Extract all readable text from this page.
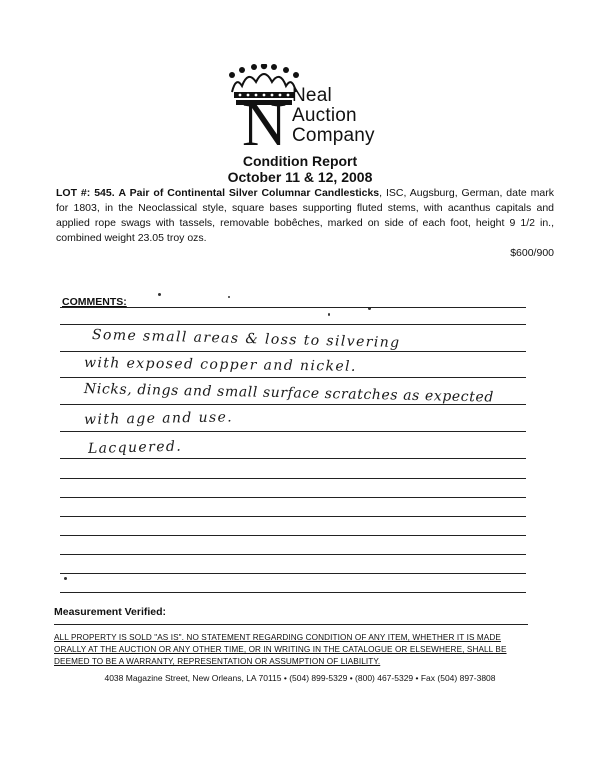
N Neal
Auction
Company
Condition Report
October 11 & 12, 2008
LOT #: 545. A Pair of Continental Silver Columnar Candlesticks, ISC, Augsburg, German, date mark for 1803, in the Neoclassical style, square bases supporting fluted stems, with acanthus capitals and applied rope swags with tassels, removable bobêches, marked on side of each foot, height 9 1/2 in., combined weight 23.05 troy ozs.
$600/900
COMMENTS:
Some small areas & loss to silvering
with exposed copper and nickel.
Nicks, dings and small surface scratches as expected
with age and use.
Lacquered.
Measurement Verified:
ALL PROPERTY IS SOLD "AS IS". NO STATEMENT REGARDING CONDITION OF ANY ITEM, WHETHER IT IS MADE ORALLY AT THE AUCTION OR ANY OTHER TIME, OR IN WRITING IN THE CATALOGUE OR ELSEWHERE, SHALL BE DEEMED TO BE A WARRANTY, REPRESENTATION OR ASSUMPTION OF LIABILITY.
4038 Magazine Street, New Orleans, LA 70115 • (504) 899-5329 • (800) 467-5329 • Fax (504) 897-3808
